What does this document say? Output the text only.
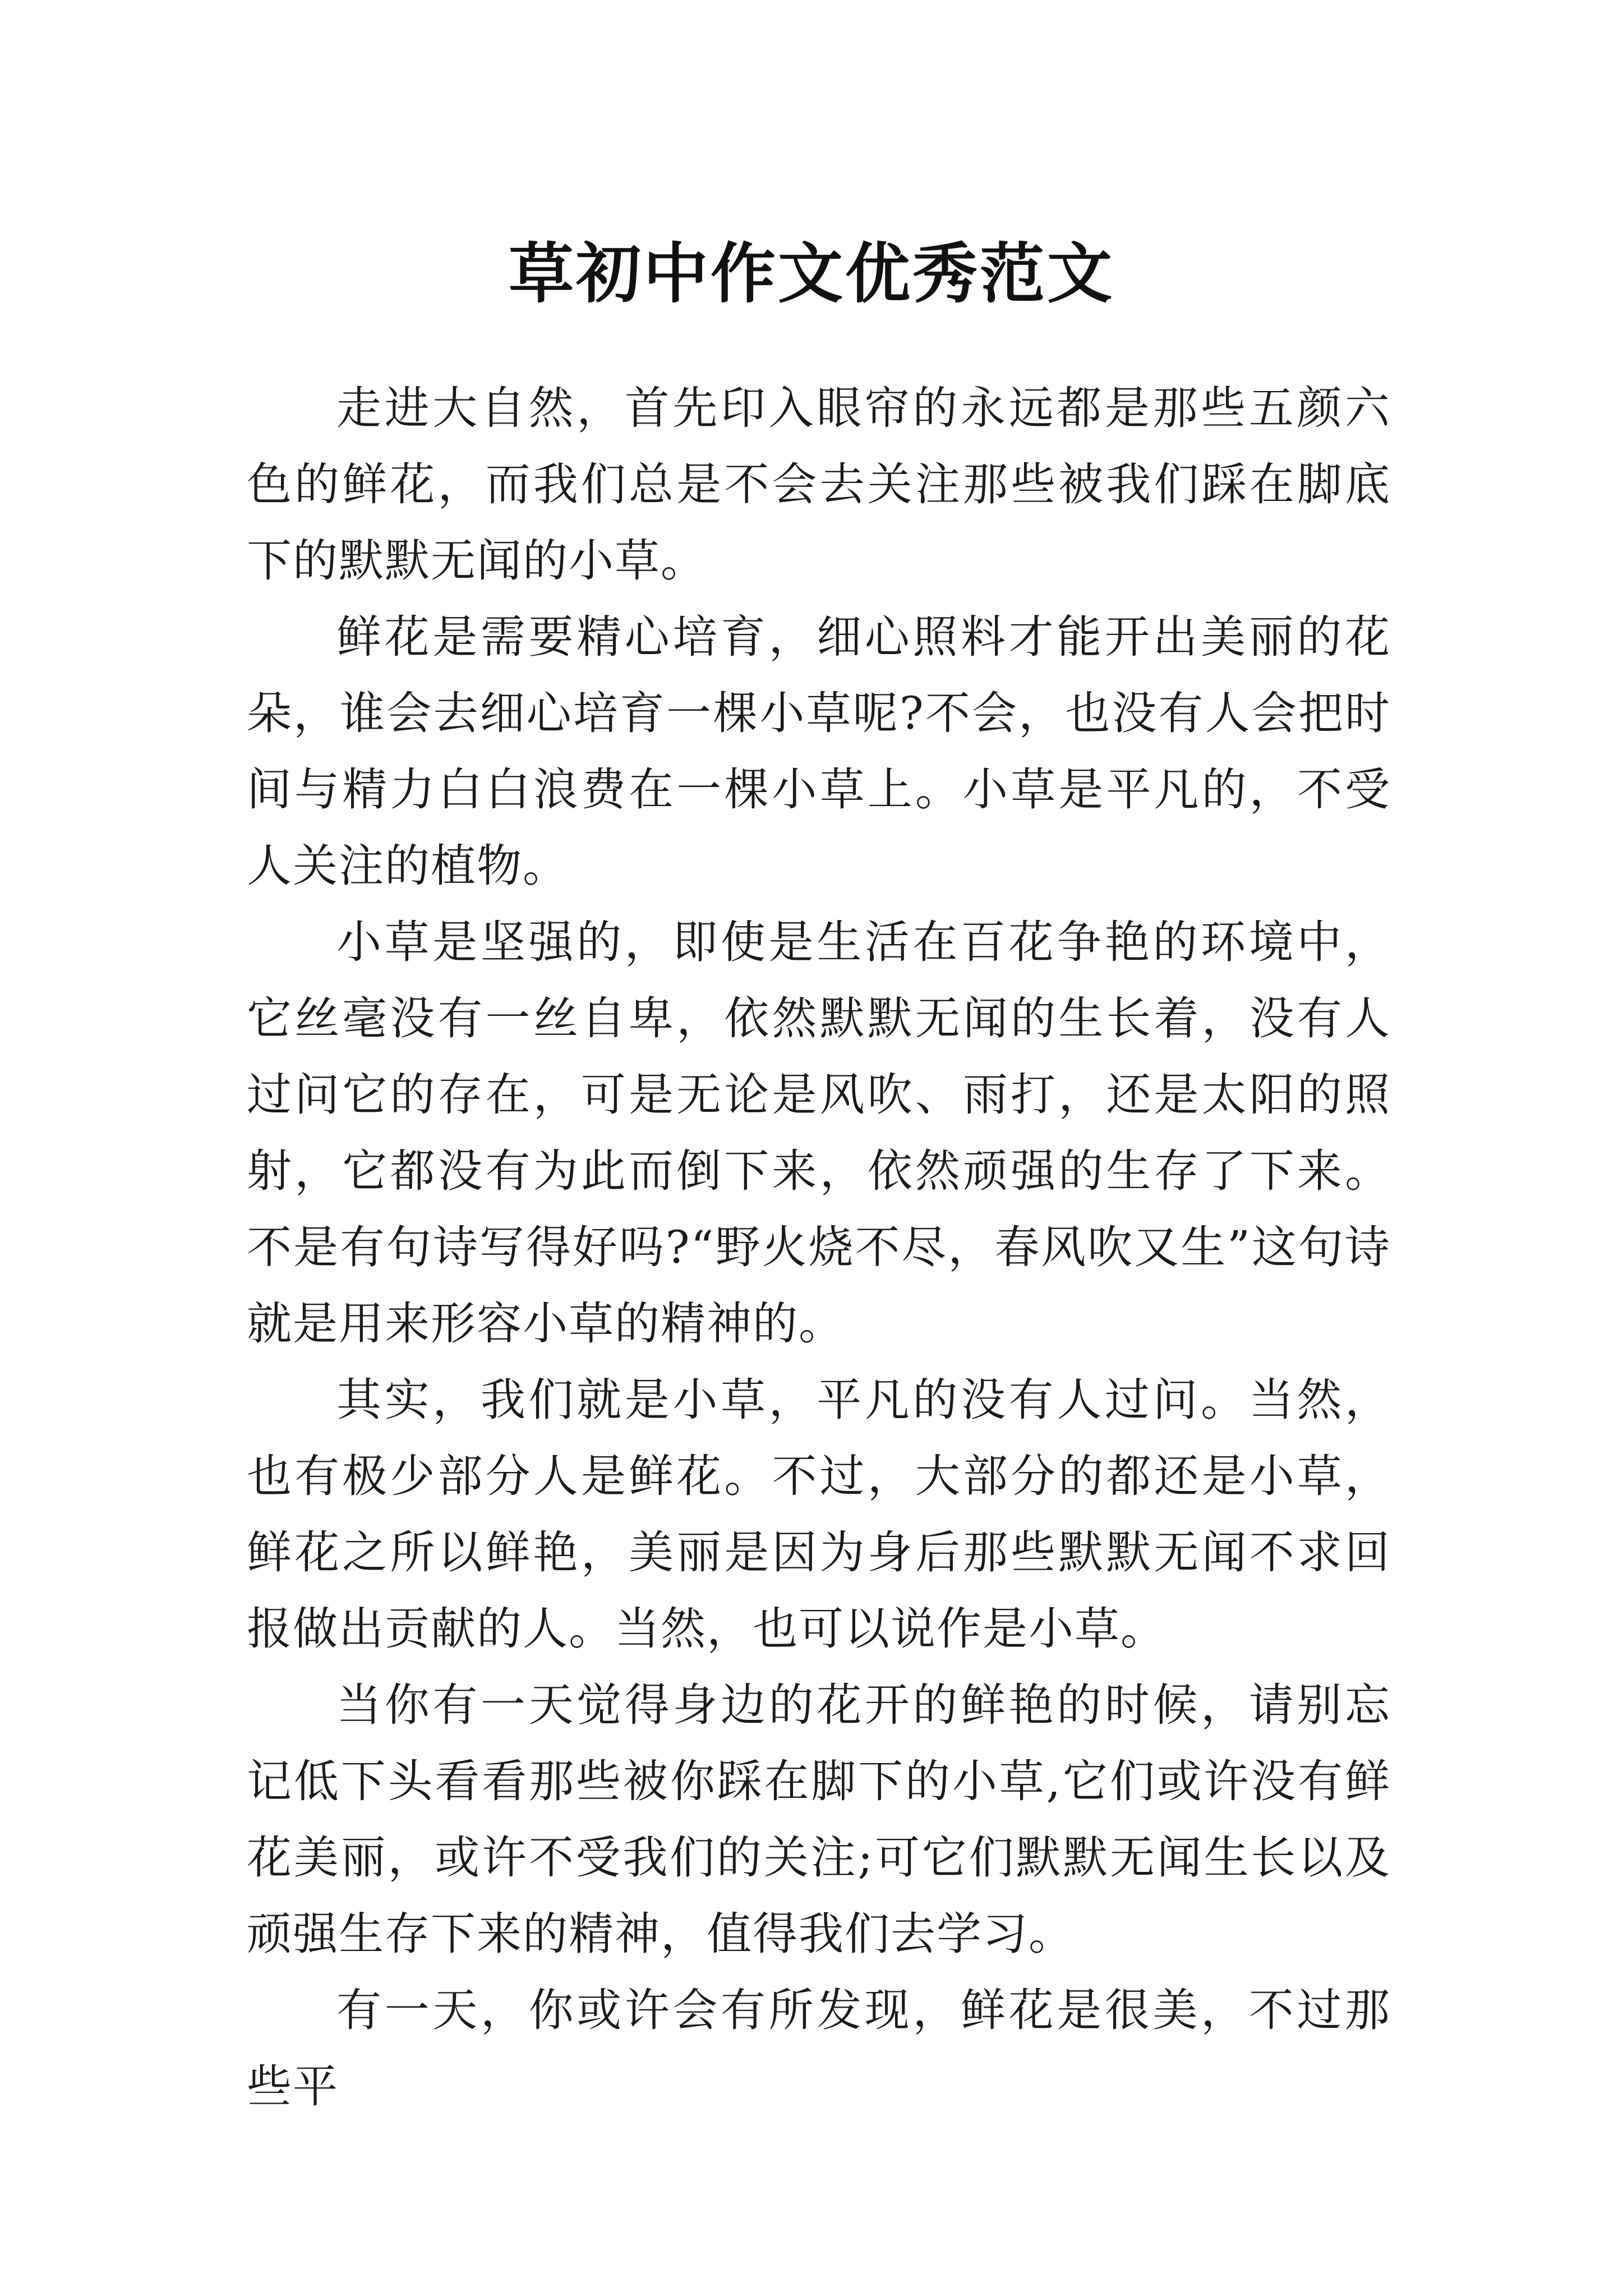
草初中作文优秀范文

走进大自然，首先印入眼帘的永远都是那些五颜六色的鲜花，而我们总是不会去关注那些被我们踩在脚底下的默默无闻的小草。

鲜花是需要精心培育，细心照料才能开出美丽的花朵，谁会去细心培育一棵小草呢?不会，也没有人会把时间与精力白白浪费在一棵小草上。小草是平凡的，不受人关注的植物。

小草是坚强的，即使是生活在百花争艳的环境中，它丝毫没有一丝自卑，依然默默无闻的生长着，没有人过问它的存在，可是无论是风吹、雨打，还是太阳的照射，它都没有为此而倒下来，依然顽强的生存了下来。不是有句诗写得好吗?“野火烧不尽，春风吹又生”这句诗就是用来形容小草的精神的。

其实，我们就是小草，平凡的没有人过问。当然，也有极少部分人是鲜花。不过，大部分的都还是小草，鲜花之所以鲜艳，美丽是因为身后那些默默无闻不求回报做出贡献的人。当然，也可以说作是小草。

当你有一天觉得身边的花开的鲜艳的时候，请别忘记低下头看看那些被你踩在脚下的小草,它们或许没有鲜花美丽，或许不受我们的关注;可它们默默无闻生长以及顽强生存下来的精神，值得我们去学习。

有一天，你或许会有所发现，鲜花是很美，不过那些平
